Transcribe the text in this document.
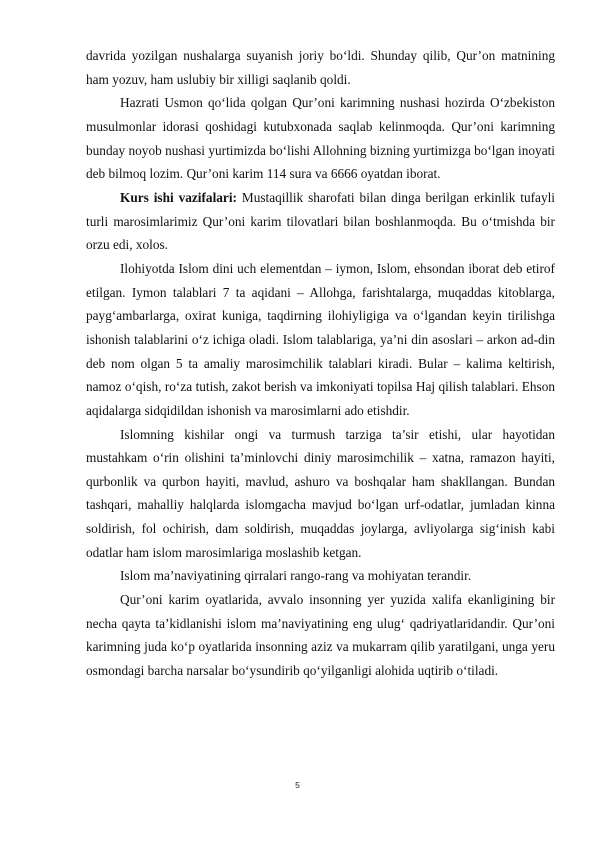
davrida yozilgan nushalarga suyanish joriy bo‘ldi. Shunday qilib, Qur’on matnining ham yozuv, ham uslubiy bir xilligi saqlanib qoldi.

Hazrati Usmon qo‘lida qolgan Qur’oni karimning nushasi hozirda O‘zbekiston musulmonlar idorasi qoshidagi kutubxonada saqlab kelinmoqda. Qur’oni karimning bunday noyob nushasi yurtimizda bo‘lishi Allohning bizning yurtimizga bo‘lgan inoyati deb bilmoq lozim. Qur’oni karim 114 sura va 6666 oyatdan iborat.

Kurs ishi vazifalari: Mustaqillik sharofati bilan dinga berilgan erkinlik tufayli turli marosimlarimiz Qur’oni karim tilovatlari bilan boshlanmoqda. Bu o‘tmishda bir orzu edi, xolos.

Ilohiyotda Islom dini uch elementdan – iymon, Islom, ehsondan iborat deb etirof etilgan. Iymon talablari 7 ta aqidani – Allohga, farishtalarga, muqaddas kitoblarga, payg‘ambarlarga, oxirat kuniga, taqdirning ilohiyligiga va o‘lgandan keyin tirilishga ishonish talablarini o‘z ichiga oladi. Islom talablariga, ya’ni din asoslari – arkon ad-din deb nom olgan 5 ta amaliy marosimchilik talablari kiradi. Bular – kalima keltirish, namoz o‘qish, ro‘za tutish, zakot berish va imkoniyati topilsa Haj qilish talablari. Ehson aqidalarga sidqidildan ishonish va marosimlarni ado etishdir.

Islomning kishilar ongi va turmush tarziga ta’sir etishi, ular hayotidan mustahkam o‘rin olishini ta’minlovchi diniy marosimchilik – xatna, ramazon hayiti, qurbonlik va qurbon hayiti, mavlud, ashuro va boshqalar ham shakllangan. Bundan tashqari, mahalliy halqlarda islomgacha mavjud bo‘lgan urf-odatlar, jumladan kinna soldirish, fol ochirish, dam soldirish, muqaddas joylarga, avliyolarga sig‘inish kabi odatlar ham islom marosimlariga moslashib ketgan.

Islom ma’naviyatining qirralari rango-rang va mohiyatan terandir.

Qur’oni karim oyatlarida, avvalo insonning yer yuzida xalifa ekanligining bir necha qayta ta’kidlanishi islom ma’naviyatining eng ulug‘ qadriyatlaridandir. Qur’oni karimning juda ko‘p oyatlarida insonning aziz va mukarram qilib yaratilgani, unga yeru osmondagi barcha narsalar bo‘ysundirib qo‘yilganligi alohida uqtirib o‘tiladi.

5
